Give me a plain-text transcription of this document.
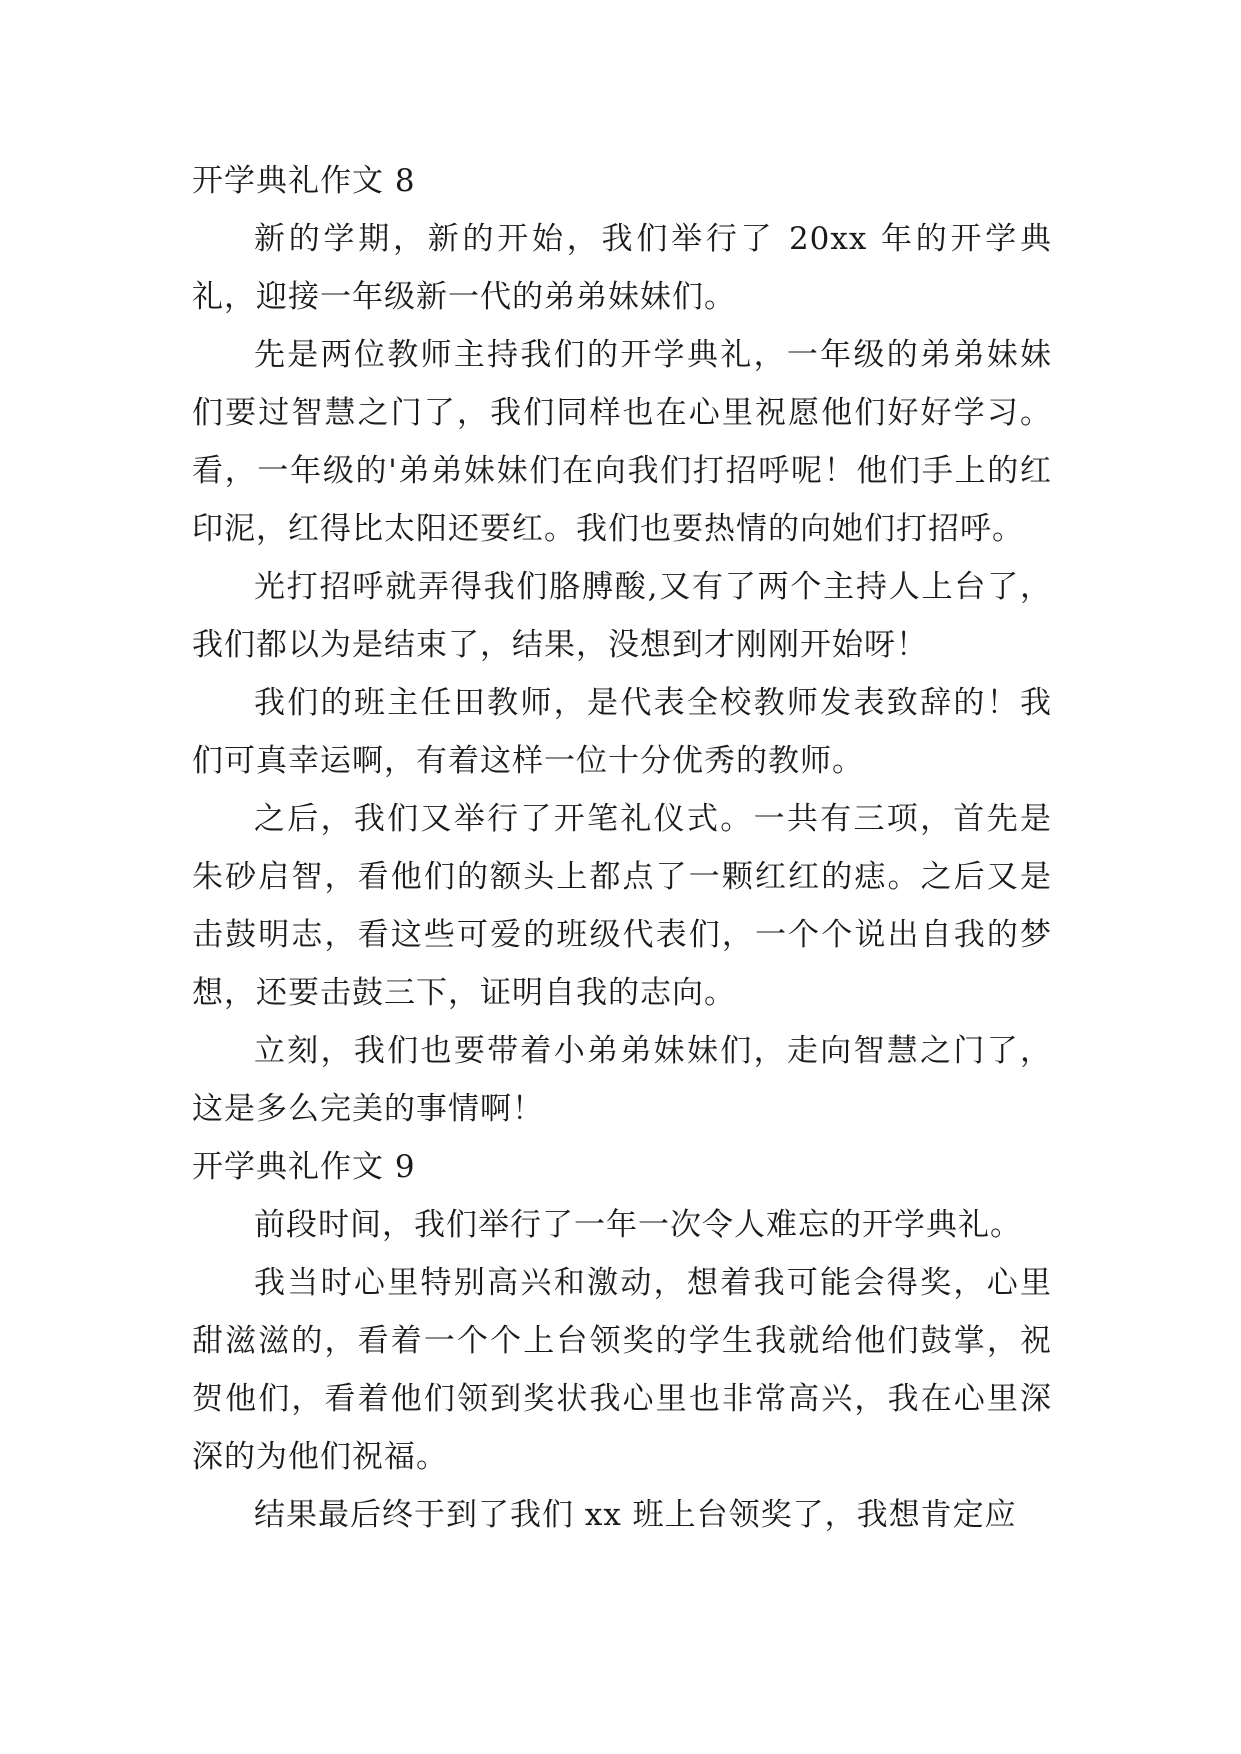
开学典礼作文 8

新的学期，新的开始，我们举行了 20xx 年的开学典礼，迎接一年级新一代的弟弟妹妹们。

先是两位教师主持我们的开学典礼，一年级的弟弟妹妹们要过智慧之门了，我们同样也在心里祝愿他们好好学习。看，一年级的'弟弟妹妹们在向我们打招呼呢！他们手上的红印泥，红得比太阳还要红。我们也要热情的向她们打招呼。

光打招呼就弄得我们胳膊酸,又有了两个主持人上台了，我们都以为是结束了，结果，没想到才刚刚开始呀！

我们的班主任田教师，是代表全校教师发表致辞的！我们可真幸运啊，有着这样一位十分优秀的教师。

之后，我们又举行了开笔礼仪式。一共有三项，首先是朱砂启智，看他们的额头上都点了一颗红红的痣。之后又是击鼓明志，看这些可爱的班级代表们，一个个说出自我的梦想，还要击鼓三下，证明自我的志向。

立刻，我们也要带着小弟弟妹妹们，走向智慧之门了，这是多么完美的事情啊！

开学典礼作文 9

前段时间，我们举行了一年一次令人难忘的开学典礼。

我当时心里特别高兴和激动，想着我可能会得奖，心里甜滋滋的，看着一个个上台领奖的学生我就给他们鼓掌，祝贺他们，看着他们领到奖状我心里也非常高兴，我在心里深深的为他们祝福。

结果最后终于到了我们 xx 班上台领奖了，我想肯定应
